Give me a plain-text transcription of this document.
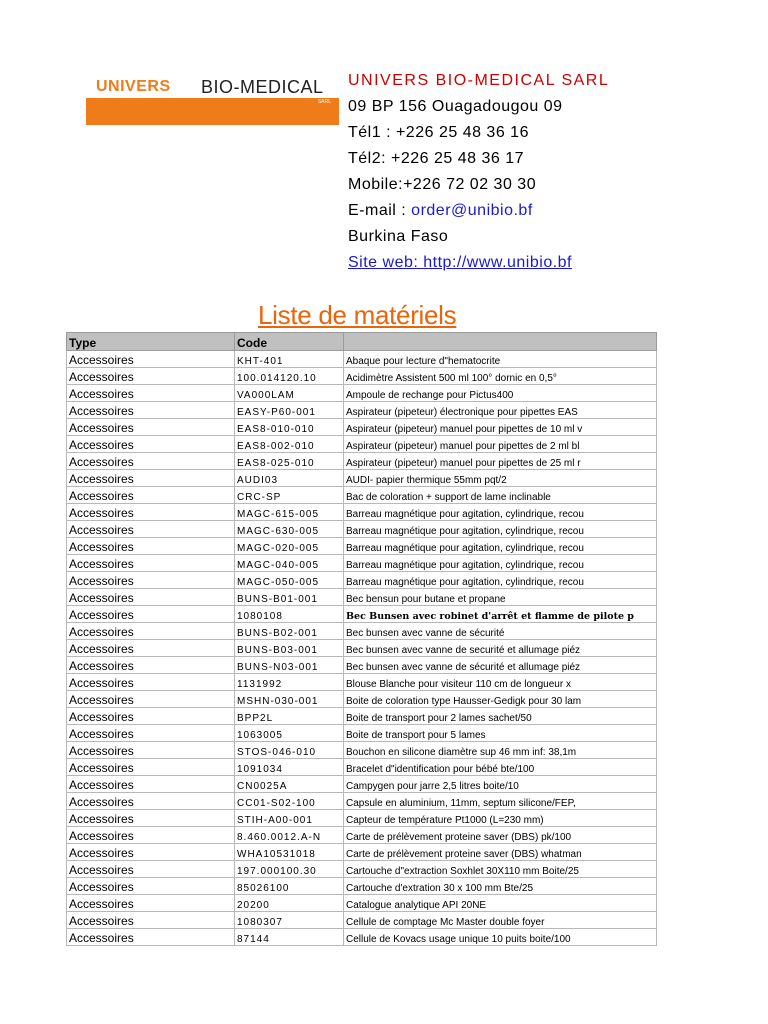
UNIVERS BIO-MEDICAL
SARL
UNIVERS BIO-MEDICAL SARL
09 BP 156 Ouagadougou 09
Tél1 : +226 25 48 36 16
Tél2: +226 25 48 36 17
Mobile:+226 72 02 30 30
E-mail : order@unibio.bf
Burkina Faso
Site web: http://www.unibio.bf
Liste de matériels
Type	Code	
Accessoires	KHT-401	Abaque pour lecture d"hematocrite
Accessoires	100.014120.10	Acidimètre Assistent 500 ml 100° dornic en 0,5°
Accessoires	VA000LAM	Ampoule de rechange pour Pictus400
Accessoires	EASY-P60-001	Aspirateur (pipeteur) électronique pour pipettes EAS
Accessoires	EAS8-010-010	Aspirateur (pipeteur) manuel pour pipettes de 10 ml v
Accessoires	EAS8-002-010	Aspirateur (pipeteur) manuel pour pipettes de 2 ml bl
Accessoires	EAS8-025-010	Aspirateur (pipeteur) manuel pour pipettes de 25 ml r
Accessoires	AUDI03	AUDI- papier thermique 55mm pqt/2
Accessoires	CRC-SP	Bac de coloration + support de lame inclinable
Accessoires	MAGC-615-005	Barreau magnétique pour agitation, cylindrique, recou
Accessoires	MAGC-630-005	Barreau magnétique pour agitation, cylindrique, recou
Accessoires	MAGC-020-005	Barreau magnétique pour agitation, cylindrique, recou
Accessoires	MAGC-040-005	Barreau magnétique pour agitation, cylindrique, recou
Accessoires	MAGC-050-005	Barreau magnétique pour agitation, cylindrique, recou
Accessoires	BUNS-B01-001	Bec bensun pour butane et propane
Accessoires	1080108	Bec Bunsen avec robinet d'arrêt et flamme de pilote p
Accessoires	BUNS-B02-001	Bec bunsen avec vanne de sécurité
Accessoires	BUNS-B03-001	Bec bunsen avec vanne de securité et allumage piéz
Accessoires	BUNS-N03-001	Bec bunsen avec vanne de sécurité et allumage piéz
Accessoires	1131992	Blouse Blanche pour visiteur 110 cm de longueur x
Accessoires	MSHN-030-001	Boite de coloration type Hausser-Gedigk pour 30 lam
Accessoires	BPP2L	Boite de transport pour 2 lames sachet/50
Accessoires	1063005	Boite de transport pour 5 lames
Accessoires	STOS-046-010	Bouchon en silicone diamètre sup 46 mm inf: 38,1m
Accessoires	1091034	Bracelet d"identification pour bébé bte/100
Accessoires	CN0025A	Campygen pour jarre 2,5 litres boite/10
Accessoires	CC01-S02-100	Capsule en aluminium, 11mm, septum silicone/FEP,
Accessoires	STIH-A00-001	Capteur de température Pt1000 (L=230 mm)
Accessoires	8.460.0012.A-N	Carte de prélèvement proteine saver (DBS) pk/100
Accessoires	WHA10531018	Carte de prélèvement proteine saver (DBS) whatman
Accessoires	197.000100.30	Cartouche d"extraction Soxhlet 30X110 mm Boite/25
Accessoires	85026100	Cartouche d'extration 30 x 100 mm Bte/25
Accessoires	20200	Catalogue analytique API 20NE
Accessoires	1080307	Cellule de comptage Mc Master double foyer
Accessoires	87144	Cellule de Kovacs usage unique 10 puits boite/100
